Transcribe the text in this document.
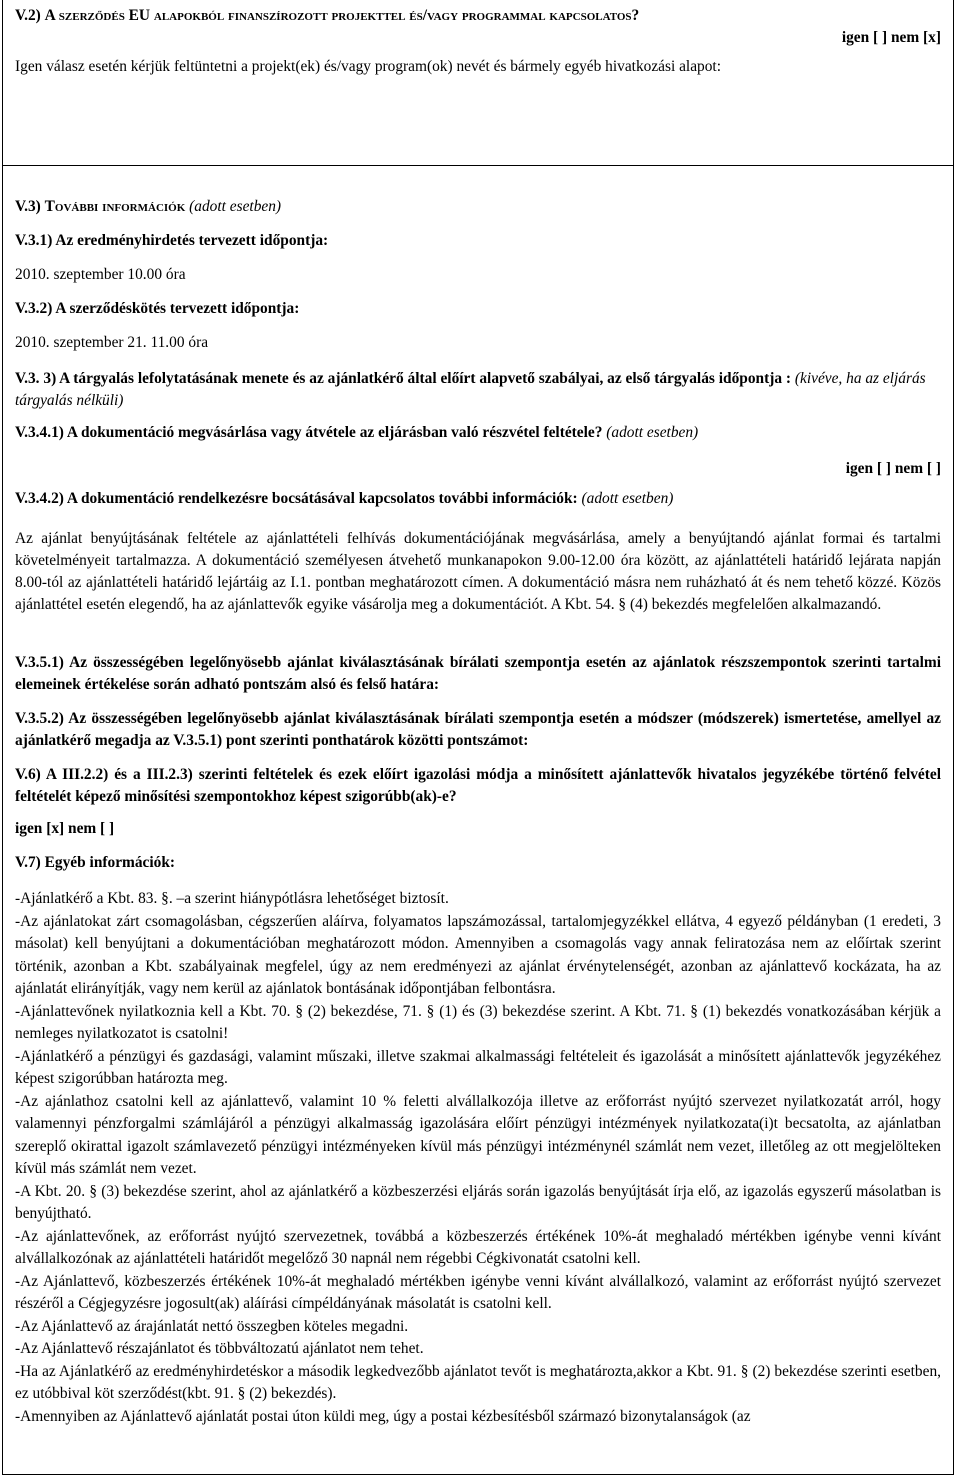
V.2) A szerződés EU alapokból finanszírozott projekttel és/vagy programmal kapcsolatos?

igen [ ] nem [x]

Igen válasz esetén kérjük feltüntetni a projekt(ek) és/vagy program(ok) nevét és bármely egyéb hivatkozási alapot:

V.3) További információk (adott esetben)

V.3.1) Az eredményhirdetés tervezett időpontja:

2010. szeptember 10.00 óra

V.3.2) A szerződéskötés tervezett időpontja:

2010. szeptember 21. 11.00 óra

V.3. 3) A tárgyalás lefolytatásának menete és az ajánlatkérő által előírt alapvető szabályai, az első tárgyalás időpontja : (kivéve, ha az eljárás tárgyalás nélküli)

V.3.4.1) A dokumentáció megvásárlása vagy átvétele az eljárásban való részvétel feltétele? (adott esetben)

igen [ ] nem [ ]

V.3.4.2) A dokumentáció rendelkezésre bocsátásával kapcsolatos további információk: (adott esetben)

Az ajánlat benyújtásának feltétele az ajánlattételi felhívás dokumentációjának megvásárlása, amely a benyújtandó ajánlat formai és tartalmi követelményeit tartalmazza. A dokumentáció személyesen átvehető munkanapokon 9.00-12.00 óra között, az ajánlattételi határidő lejárata napján 8.00-tól az ajánlattételi határidő lejártáig az I.1. pontban meghatározott címen. A dokumentáció másra nem ruházható át és nem tehető közzé. Közös ajánlattétel esetén elegendő, ha az ajánlattevők egyike vásárolja meg a dokumentációt. A Kbt. 54. § (4) bekezdés megfelelően alkalmazandó.

V.3.5.1) Az összességében legelőnyösebb ajánlat kiválasztásának bírálati szempontja esetén az ajánlatok részszempontok szerinti tartalmi elemeinek értékelése során adható pontszám alsó és felső határa:

V.3.5.2) Az összességében legelőnyösebb ajánlat kiválasztásának bírálati szempontja esetén a módszer (módszerek) ismertetése, amellyel az ajánlatkérő megadja az V.3.5.1) pont szerinti ponthatárok közötti pontszámot:

V.6) A III.2.2) és a III.2.3) szerinti feltételek és ezek előírt igazolási módja a minősített ajánlattevők hivatalos jegyzékébe történő felvétel feltételét képező minősítési szempontokhoz képest szigorúbb(ak)-e?

igen [x] nem [ ]

V.7) Egyéb információk:

-Ajánlatkérő a Kbt. 83. §. –a szerint hiánypótlásra lehetőséget biztosít.

-Az ajánlatokat zárt csomagolásban, cégszerűen aláírva, folyamatos lapszámozással, tartalomjegyzékkel ellátva, 4 egyező példányban (1 eredeti, 3 másolat) kell benyújtani a dokumentációban meghatározott módon. Amennyiben a csomagolás vagy annak feliratozása nem az előírtak szerint történik, azonban a Kbt. szabályainak megfelel, úgy az nem eredményezi az ajánlat érvénytelenségét, azonban az ajánlattevő kockázata, ha az ajánlatát elirányítják, vagy nem kerül az ajánlatok bontásának időpontjában felbontásra.

-Ajánlattevőnek nyilatkoznia kell a Kbt. 70. § (2) bekezdése, 71. § (1) és (3) bekezdése szerint. A Kbt. 71. § (1) bekezdés vonatkozásában kérjük a nemleges nyilatkozatot is csatolni!

-Ajánlatkérő a pénzügyi és gazdasági, valamint műszaki, illetve szakmai alkalmassági feltételeit és igazolását a minősített ajánlattevők jegyzékéhez képest szigorúbban határozta meg.

-Az ajánlathoz csatolni kell az ajánlattevő, valamint 10 % feletti alvállalkozója illetve az erőforrást nyújtó szervezet nyilatkozatát arról, hogy valamennyi pénzforgalmi számlájáról a pénzügyi alkalmasság igazolására előírt pénzügyi intézmények nyilatkozata(i)t becsatolta, az ajánlatban szereplő okirattal igazolt számlavezető pénzügyi intézményeken kívül más pénzügyi intézménynél számlát nem vezet, illetőleg az ott megjelölteken kívül más számlát nem vezet.

-A Kbt. 20. § (3) bekezdése szerint, ahol az ajánlatkérő a közbeszerzési eljárás során igazolás benyújtását írja elő, az igazolás egyszerű másolatban is benyújtható.

-Az ajánlattevőnek, az erőforrást nyújtó szervezetnek, továbbá a közbeszerzés értékének 10%-át meghaladó mértékben igénybe venni kívánt alvállalkozónak az ajánlattételi határidőt megelőző 30 napnál nem régebbi Cégkivonatát csatolni kell.

-Az Ajánlattevő, közbeszerzés értékének 10%-át meghaladó mértékben igénybe venni kívánt alvállalkozó, valamint az erőforrást nyújtó szervezet részéről a Cégjegyzésre jogosult(ak) aláírási címpéldányának másolatát is csatolni kell.

-Az Ajánlattevő az árajánlatát nettó összegben köteles megadni.

-Az Ajánlattevő részajánlatot és többváltozatú ajánlatot nem tehet.

-Ha az Ajánlatkérő az eredményhirdetéskor a második legkedvezőbb ajánlatot tevőt is meghatározta,akkor a Kbt. 91. § (2) bekezdése szerinti esetben, ez utóbbival köt szerződést(kbt. 91. § (2) bekezdés).

-Amennyiben az Ajánlattevő ajánlatát postai úton küldi meg, úgy a postai kézbesítésből származó bizonytalanságok (az
